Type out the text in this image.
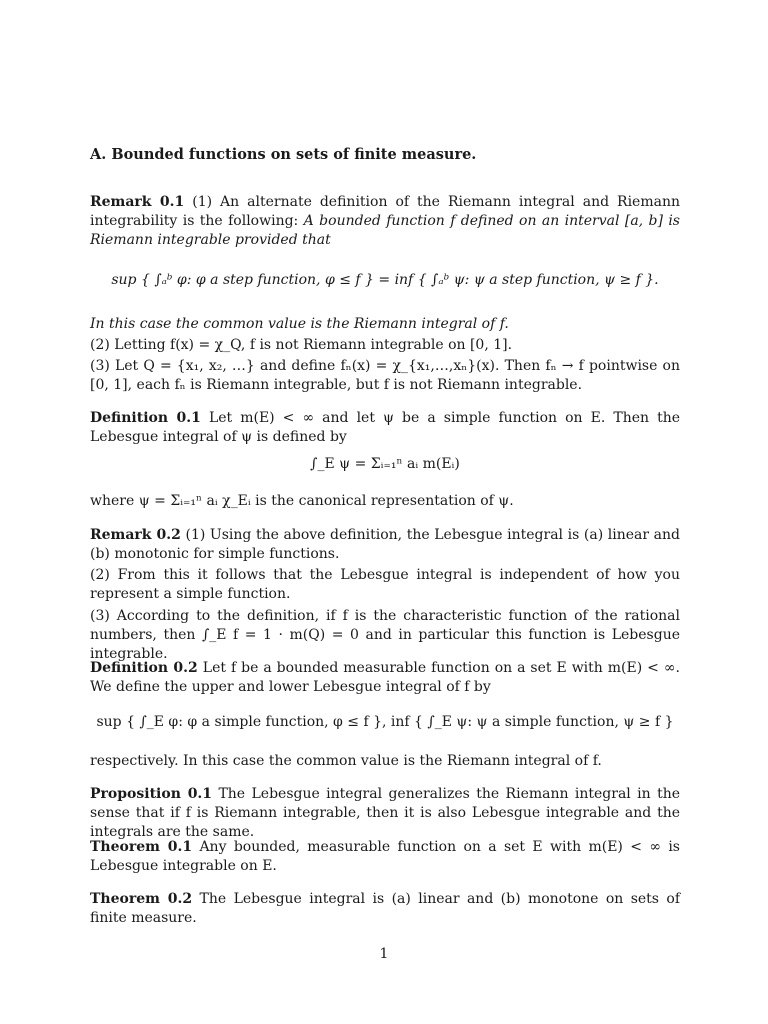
A. Bounded functions on sets of finite measure.
Remark 0.1 (1) An alternate definition of the Riemann integral and Riemann integrability is the following: A bounded function f defined on an interval [a, b] is Riemann integrable provided that
sup { ∫ₐᵇ φ: φ a step function, φ ≤ f } = inf { ∫ₐᵇ ψ: ψ a step function, ψ ≥ f }.
In this case the common value is the Riemann integral of f.
(2) Letting f(x) = χ_Q, f is not Riemann integrable on [0, 1].
(3) Let Q = {x₁, x₂, …} and define fₙ(x) = χ_{x₁,…,xₙ}(x). Then fₙ → f pointwise on [0, 1], each fₙ is Riemann integrable, but f is not Riemann integrable.
Definition 0.1 Let m(E) < ∞ and let ψ be a simple function on E. Then the Lebesgue integral of ψ is defined by
∫_E ψ = Σᵢ₌₁ⁿ aᵢ m(Eᵢ)
where ψ = Σᵢ₌₁ⁿ aᵢ χ_Eᵢ is the canonical representation of ψ.
Remark 0.2 (1) Using the above definition, the Lebesgue integral is (a) linear and (b) monotonic for simple functions.
(2) From this it follows that the Lebesgue integral is independent of how you represent a simple function.
(3) According to the definition, if f is the characteristic function of the rational numbers, then ∫_E f = 1 · m(Q) = 0 and in particular this function is Lebesgue integrable.
Definition 0.2 Let f be a bounded measurable function on a set E with m(E) < ∞. We define the upper and lower Lebesgue integral of f by
sup { ∫_E φ: φ a simple function, φ ≤ f }, inf { ∫_E ψ: ψ a simple function, ψ ≥ f }
respectively. In this case the common value is the Riemann integral of f.
Proposition 0.1 The Lebesgue integral generalizes the Riemann integral in the sense that if f is Riemann integrable, then it is also Lebesgue integrable and the integrals are the same.
Theorem 0.1 Any bounded, measurable function on a set E with m(E) < ∞ is Lebesgue integrable on E.
Theorem 0.2 The Lebesgue integral is (a) linear and (b) monotone on sets of finite measure.
1
